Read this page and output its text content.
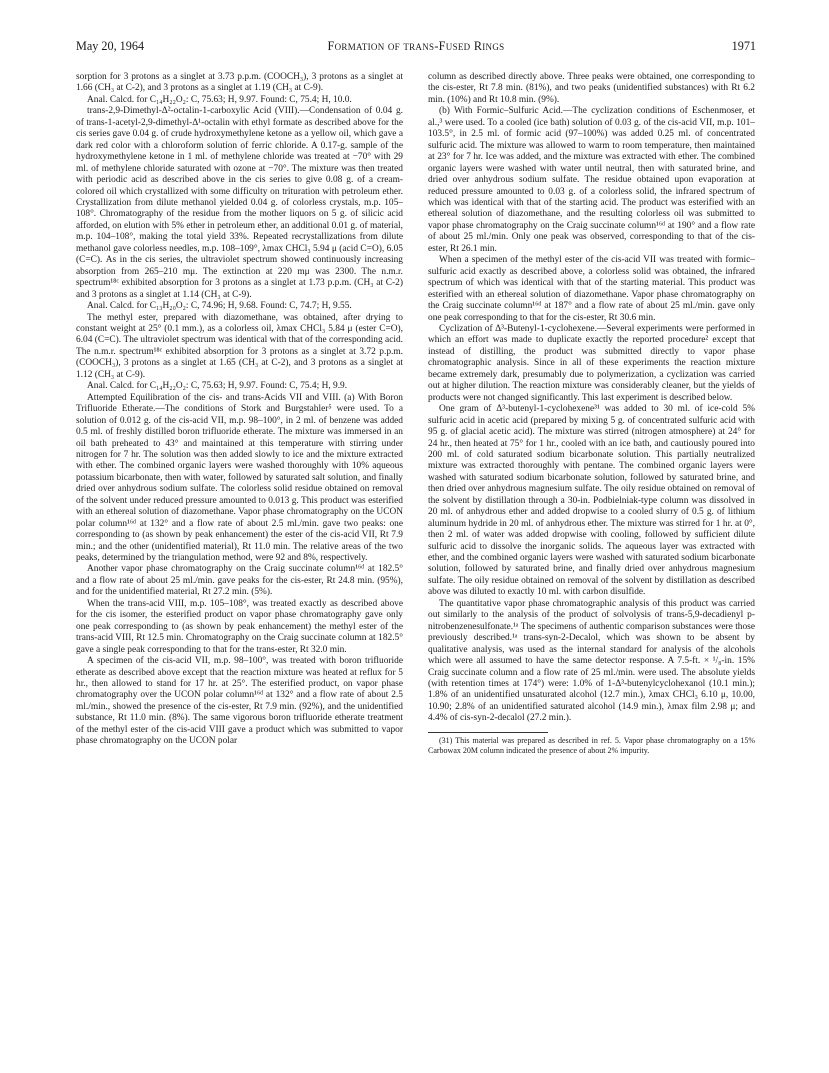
May 20, 1964	Formation of trans-Fused Rings	1971

sorption for 3 protons as a singlet at 3.73 p.p.m. (COOCH₃), 3 protons as a singlet at 1.66 (CH₃ at C-2), and 3 protons as a singlet at 1.19 (CH₃ at C-9).

Anal. Calcd. for C₁₄H₂₂O₂: C, 75.63; H, 9.97. Found: C, 75.4; H, 10.0.

trans-2,9-Dimethyl-Δ²-octalin-1-carboxylic Acid (VIII).—Condensation of 0.04 g. of trans-1-acetyl-2,9-dimethyl-Δ¹-octalin with ethyl formate as described above for the cis series gave 0.04 g. of crude hydroxymethylene ketone as a yellow oil, which gave a dark red color with a chloroform solution of ferric chloride. A 0.17-g. sample of the hydroxymethylene ketone in 1 ml. of methylene chloride was treated at −70° with 29 ml. of methylene chloride saturated with ozone at −70°. The mixture was then treated with periodic acid as described above in the cis series to give 0.08 g. of a cream-colored oil which crystallized with some difficulty on trituration with petroleum ether. Crystallization from dilute methanol yielded 0.04 g. of colorless crystals, m.p. 105–108°. Chromatography of the residue from the mother liquors on 5 g. of silicic acid afforded, on elution with 5% ether in petroleum ether, an additional 0.01 g. of material, m.p. 104–108°, making the total yield 33%. Repeated recrystallizations from dilute methanol gave colorless needles, m.p. 108–109°, λmax CHCl₃ 5.94 μ (acid C=O), 6.05 (C=C). As in the cis series, the ultraviolet spectrum showed continuously increasing absorption from 265–210 mμ. The extinction at 220 mμ was 2300. The n.m.r. spectrum¹⁸ᶜ exhibited absorption for 3 protons as a singlet at 1.73 p.p.m. (CH₃ at C-2) and 3 protons as a singlet at 1.14 (CH₃ at C-9).

Anal. Calcd. for C₁₃H₂₀O₂: C, 74.96; H, 9.68. Found: C, 74.7; H, 9.55.

The methyl ester, prepared with diazomethane, was obtained, after drying to constant weight at 25° (0.1 mm.), as a colorless oil, λmax CHCl₃ 5.84 μ (ester C=O), 6.04 (C=C). The ultraviolet spectrum was identical with that of the corresponding acid. The n.m.r. spectrum¹⁸ᶜ exhibited absorption for 3 protons as a singlet at 3.72 p.p.m. (COOCH₃), 3 protons as a singlet at 1.65 (CH₃ at C-2), and 3 protons as a singlet at 1.12 (CH₃ at C-9).

Anal. Calcd. for C₁₄H₂₂O₂: C, 75.63; H, 9.97. Found: C, 75.4; H, 9.9.

Attempted Equilibration of the cis- and trans-Acids VII and VIII. (a) With Boron Trifluoride Etherate.—The conditions of Stork and Burgstahler⁵ were used. To a solution of 0.012 g. of the cis-acid VII, m.p. 98–100°, in 2 ml. of benzene was added 0.5 ml. of freshly distilled boron trifluoride etherate. The mixture was immersed in an oil bath preheated to 43° and maintained at this temperature with stirring under nitrogen for 7 hr. The solution was then added slowly to ice and the mixture extracted with ether. The combined organic layers were washed thoroughly with 10% aqueous potassium bicarbonate, then with water, followed by saturated salt solution, and finally dried over anhydrous sodium sulfate. The colorless solid residue obtained on removal of the solvent under reduced pressure amounted to 0.013 g. This product was esterified with an ethereal solution of diazomethane. Vapor phase chromatography on the UCON polar column¹⁶ᵈ at 132° and a flow rate of about 2.5 ml./min. gave two peaks: one corresponding to (as shown by peak enhancement) the ester of the cis-acid VII, Rt 7.9 min.; and the other (unidentified material), Rt 11.0 min. The relative areas of the two peaks, determined by the triangulation method, were 92 and 8%, respectively.

Another vapor phase chromatography on the Craig succinate column¹⁶ᵈ at 182.5° and a flow rate of about 25 ml./min. gave peaks for the cis-ester, Rt 24.8 min. (95%), and for the unidentified material, Rt 27.2 min. (5%).

When the trans-acid VIII, m.p. 105–108°, was treated exactly as described above for the cis isomer, the esterified product on vapor phase chromatography gave only one peak corresponding to (as shown by peak enhancement) the methyl ester of the trans-acid VIII, Rt 12.5 min. Chromatography on the Craig succinate column at 182.5° gave a single peak corresponding to that for the trans-ester, Rt 32.0 min.

A specimen of the cis-acid VII, m.p. 98–100°, was treated with boron trifluoride etherate as described above except that the reaction mixture was heated at reflux for 5 hr., then allowed to stand for 17 hr. at 25°. The esterified product, on vapor phase chromatography over the UCON polar column¹⁶ᵈ at 132° and a flow rate of about 2.5 ml./min., showed the presence of the cis-ester, Rt 7.9 min. (92%), and the unidentified substance, Rt 11.0 min. (8%). The same vigorous boron trifluoride etherate treatment of the methyl ester of the cis-acid VIII gave a product which was submitted to vapor phase chromatography on the UCON polar

column as described directly above. Three peaks were obtained, one corresponding to the cis-ester, Rt 7.8 min. (81%), and two peaks (unidentified substances) with Rt 6.2 min. (10%) and Rt 10.8 min. (9%).

(b) With Formic–Sulfuric Acid.—The cyclization conditions of Eschenmoser, et al.,³ were used. To a cooled (ice bath) solution of 0.03 g. of the cis-acid VII, m.p. 101–103.5°, in 2.5 ml. of formic acid (97–100%) was added 0.25 ml. of concentrated sulfuric acid. The mixture was allowed to warm to room temperature, then maintained at 23° for 7 hr. Ice was added, and the mixture was extracted with ether. The combined organic layers were washed with water until neutral, then with saturated brine, and dried over anhydrous sodium sulfate. The residue obtained upon evaporation at reduced pressure amounted to 0.03 g. of a colorless solid, the infrared spectrum of which was identical with that of the starting acid. The product was esterified with an ethereal solution of diazomethane, and the resulting colorless oil was submitted to vapor phase chromatography on the Craig succinate column¹⁶ᵈ at 190° and a flow rate of about 25 ml./min. Only one peak was observed, corresponding to that of the cis-ester, Rt 26.1 min.

When a specimen of the methyl ester of the cis-acid VII was treated with formic–sulfuric acid exactly as described above, a colorless solid was obtained, the infrared spectrum of which was identical with that of the starting material. This product was esterified with an ethereal solution of diazomethane. Vapor phase chromatography on the Craig succinate column¹⁶ᵈ at 187° and a flow rate of about 25 ml./min. gave only one peak corresponding to that for the cis-ester, Rt 30.6 min.

Cyclization of Δ³-Butenyl-1-cyclohexene.—Several experiments were performed in which an effort was made to duplicate exactly the reported procedure² except that instead of distilling, the product was submitted directly to vapor phase chromatographic analysis. Since in all of these experiments the reaction mixture became extremely dark, presumably due to polymerization, a cyclization was carried out at higher dilution. The reaction mixture was considerably cleaner, but the yields of products were not changed significantly. This last experiment is described below.

One gram of Δ³-butenyl-1-cyclohexene³¹ was added to 30 ml. of ice-cold 5% sulfuric acid in acetic acid (prepared by mixing 5 g. of concentrated sulfuric acid with 95 g. of glacial acetic acid). The mixture was stirred (nitrogen atmosphere) at 24° for 24 hr., then heated at 75° for 1 hr., cooled with an ice bath, and cautiously poured into 200 ml. of cold saturated sodium bicarbonate solution. This partially neutralized mixture was extracted thoroughly with pentane. The combined organic layers were washed with saturated sodium bicarbonate solution, followed by saturated brine, and then dried over anhydrous magnesium sulfate. The oily residue obtained on removal of the solvent by distillation through a 30-in. Podbielniak-type column was dissolved in 20 ml. of anhydrous ether and added dropwise to a cooled slurry of 0.5 g. of lithium aluminum hydride in 20 ml. of anhydrous ether. The mixture was stirred for 1 hr. at 0°, then 2 ml. of water was added dropwise with cooling, followed by sufficient dilute sulfuric acid to dissolve the inorganic solids. The aqueous layer was extracted with ether, and the combined organic layers were washed with saturated sodium bicarbonate solution, followed by saturated brine, and finally dried over anhydrous magnesium sulfate. The oily residue obtained on removal of the solvent by distillation as described above was diluted to exactly 10 ml. with carbon disulfide.

The quantitative vapor phase chromatographic analysis of this product was carried out similarly to the analysis of the product of solvolysis of trans-5,9-decadienyl p-nitrobenzenesulfonate.¹ᵃ The specimens of authentic comparison substances were those previously described.¹ᵃ trans-syn-2-Decalol, which was shown to be absent by qualitative analysis, was used as the internal standard for analysis of the alcohols which were all assumed to have the same detector response. A 7.5-ft. × ¹/₈-in. 15% Craig succinate column and a flow rate of 25 ml./min. were used. The absolute yields (with retention times at 174°) were: 1.0% of 1-Δ³-butenylcyclohexanol (10.1 min.); 1.8% of an unidentified unsaturated alcohol (12.7 min.), λmax CHCl₃ 6.10 μ, 10.00, 10.90; 2.8% of an unidentified saturated alcohol (14.9 min.), λmax film 2.98 μ; and 4.4% of cis-syn-2-decalol (27.2 min.).

(31) This material was prepared as described in ref. 5. Vapor phase chromatography on a 15% Carbowax 20M column indicated the presence of about 2% impurity.
